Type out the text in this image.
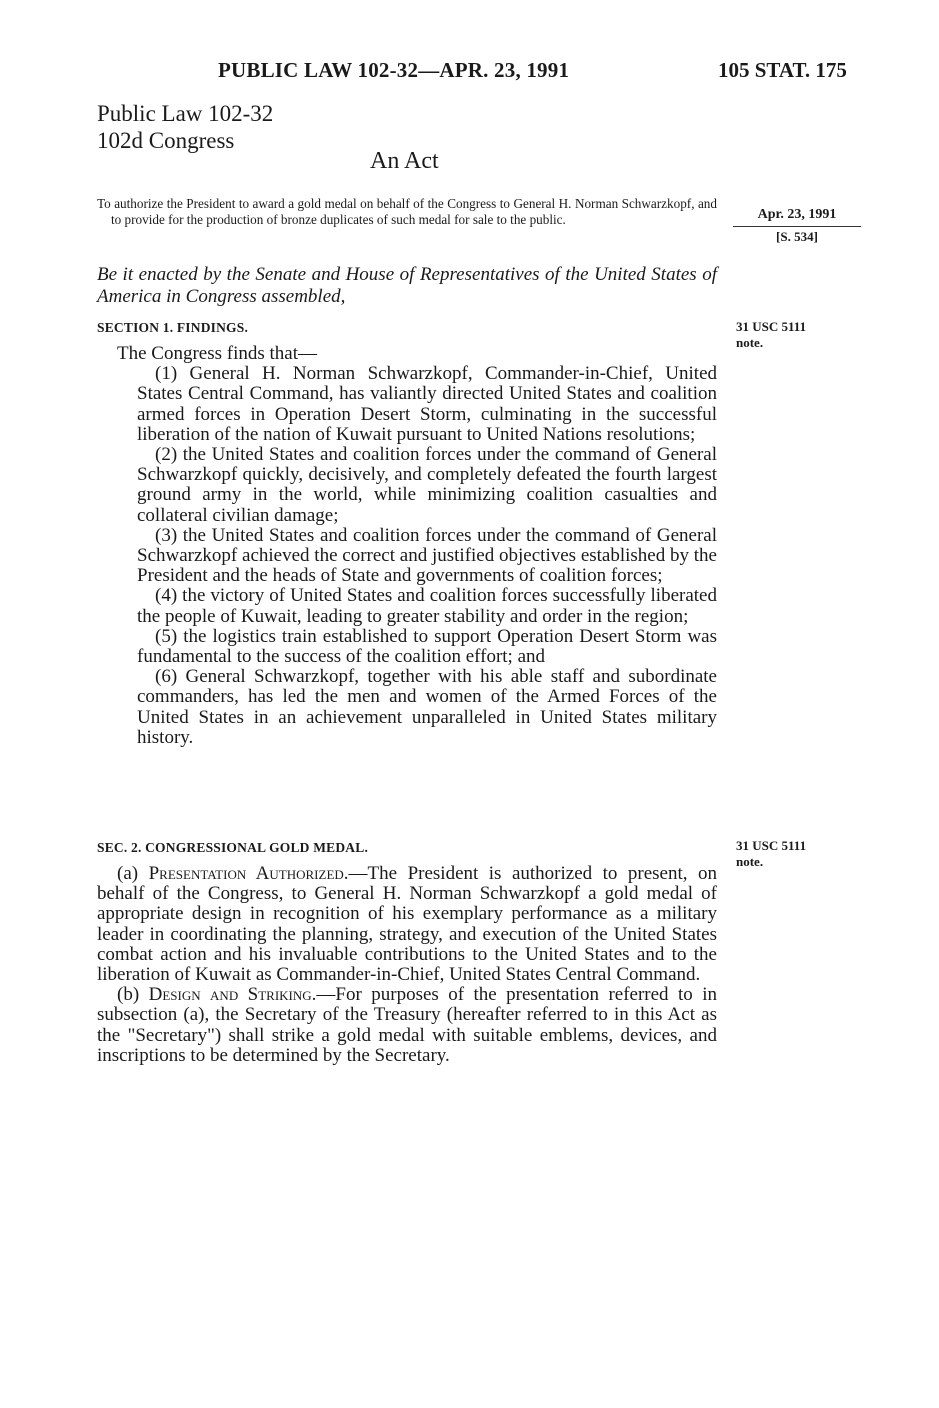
PUBLIC LAW 102-32—APR. 23, 1991	105 STAT. 175
Public Law 102-32
102d Congress
An Act
To authorize the President to award a gold medal on behalf of the Congress to General H. Norman Schwarzkopf, and to provide for the production of bronze duplicates of such medal for sale to the public.	Apr. 23, 1991
[S. 534]
Be it enacted by the Senate and House of Representatives of the United States of America in Congress assembled,
SECTION 1. FINDINGS.	31 USC 5111
note.

The Congress finds that—

(1) General H. Norman Schwarzkopf, Commander-in-Chief, United States Central Command, has valiantly directed United States and coalition armed forces in Operation Desert Storm, culminating in the successful liberation of the nation of Kuwait pursuant to United Nations resolutions;

(2) the United States and coalition forces under the command of General Schwarzkopf quickly, decisively, and completely defeated the fourth largest ground army in the world, while minimizing coalition casualties and collateral civilian damage;

(3) the United States and coalition forces under the command of General Schwarzkopf achieved the correct and justified objectives established by the President and the heads of State and governments of coalition forces;

(4) the victory of United States and coalition forces successfully liberated the people of Kuwait, leading to greater stability and order in the region;

(5) the logistics train established to support Operation Desert Storm was fundamental to the success of the coalition effort; and

(6) General Schwarzkopf, together with his able staff and subordinate commanders, has led the men and women of the Armed Forces of the United States in an achievement unparalleled in United States military history.

SEC. 2. CONGRESSIONAL GOLD MEDAL.	31 USC 5111
note.

(a) Presentation Authorized.—The President is authorized to present, on behalf of the Congress, to General H. Norman Schwarzkopf a gold medal of appropriate design in recognition of his exemplary performance as a military leader in coordinating the planning, strategy, and execution of the United States combat action and his invaluable contributions to the United States and to the liberation of Kuwait as Commander-in-Chief, United States Central Command.

(b) Design and Striking.—For purposes of the presentation referred to in subsection (a), the Secretary of the Treasury (hereafter referred to in this Act as the "Secretary") shall strike a gold medal with suitable emblems, devices, and inscriptions to be determined by the Secretary.
